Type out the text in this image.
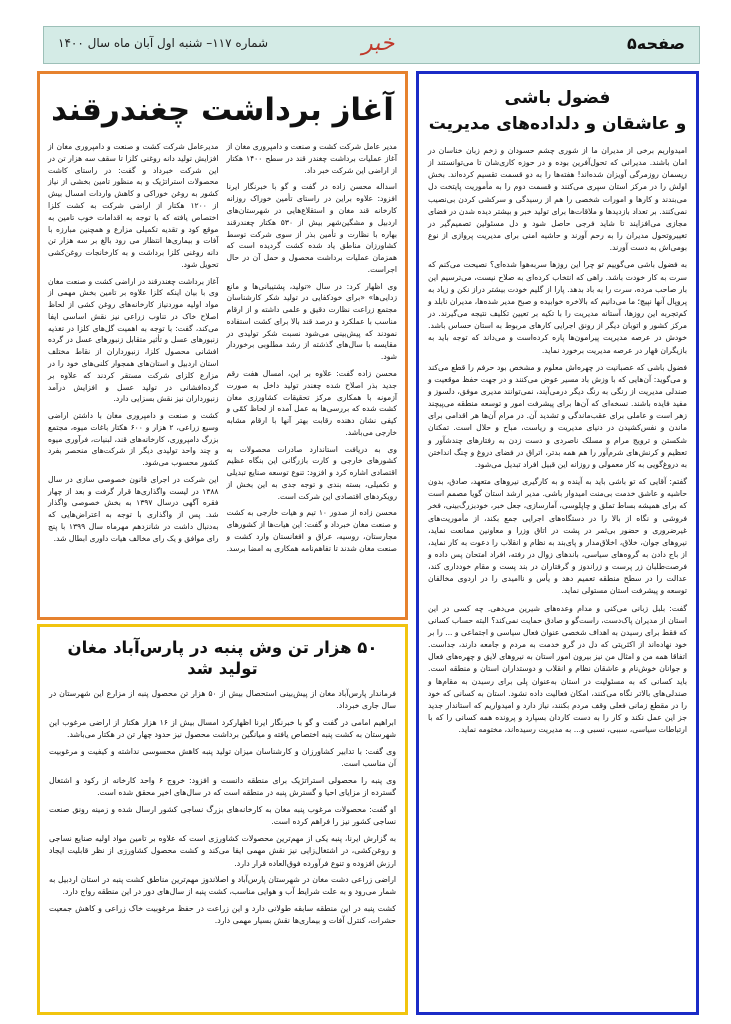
شماره ۱۱۷– شنبه اول آبان ماه سال ۱۴۰۰	خبر	صفحه۵
آغاز برداشت چغندرقند

مدیر عامل شرکت کشت و صنعت و دامپروری مغان از آغاز عملیات برداشت چغندر قند در سطح ۱۴۰۰ هکتار از اراضی این شرکت خبر داد.

اسداله محسن زاده در گفت و گو با خبرنگار ایرنا افزود: علاوه براین در راستای تأمین خوراک روزانه کارخانه قند مغان و استقلاع‌هایی در شهرستان‌های اردبیل و مشگین‌شهر بیش از ۵۳۰ هکتار چغندرقند بهاره با نظارت و تأمین بذر از سوی شرکت توسط کشاورزان مناطق یاد شده کشت گردیده است که همزمان عملیات برداشت محصول و حمل آن در حال اجراست.

وی اظهار کرد: در سال «تولید، پشتیبانی‌ها و مانع زدایی‌ها» «برای خودکفایی در تولید شکر کارشناسان مجتمع زراعت نظارت دقیق و علمی داشته و از ارقام مناسب با عملکرد و درصد قند بالا برای کشت استفاده نمودند که پیش‌بینی می‌شود نسبت شکر تولیدی در مقایسه با سال‌های گذشته از رشد مطلوبی برخوردار شود.

محسن زاده گفت: علاوه بر این، امسال هفت رقم جدید بذر اصلاح شده چغندر تولید داخل به صورت آزمونه با همکاری مرکز تحقیقات کشاورزی مغان کشت شده که بررسی‌ها به عمل آمده از لحاظ کمّی و کیفی نشان دهنده رقابت بهتر آنها با ارقام مشابه خارجی می‌باشد.

وی به دریافت استاندارد صادرات محصولات به کشورهای خارجی و کارت بازرگانی این بنگاه عظیم اقتصادی اشاره کرد و افزود: تنوع توسعه صنایع تبدیلی و تکمیلی، بسته بندی و توجه جدی به این بخش از رویکردهای اقتصادی این شرکت است.

محسن زاده از صدور ۱۰ تیم و هیات خارجی به کشت و صنعت مغان خبرداد و گفت: این هیات‌ها از کشورهای مجارستان، روسیه، عراق و افغانستان وارد کشت و صنعت مغان شدند تا تفاهم‌نامه همکاری به امضا برسد.

مدیرعامل شرکت کشت و صنعت و دامپروری مغان از افزایش تولید دانه روغنی کلزا تا سقف سه هزار تن در این شرکت خبرداد و گفت: در راستای کاشت محصولات استراتژیک و به منظور تامین بخشی از نیاز کشور به روغن خوراکی و کاهش واردات امسال بیش از ۱۲۰۰ هکتار از اراضی شرکت به کشت کلزا اختصاص یافته که با توجه به اقدامات خوب تامین به موقع کود و تقدیه تکمیلی مزارع و همچنین مبارزه با آفات و بیماری‌ها انتظار می رود بالغ بر سه هزار تن دانه روغنی کلزا برداشت و به کارخانجات روغن‌کشی تحویل شود.

آغاز برداشت چغندرقند در اراضی کشت و صنعت مغان وی با بیان اینکه کلزا علاوه بر تامین بخش مهمی از مواد اولیه موردنیاز کارخانه‌های روغن کشی از لحاظ اصلاح خاک در تناوب زراعی نیز نقش اساسی ایفا می‌کند، گفت: با توجه به اهمیت گل‌های کلزا در تغذیه زنبورهای عسل و تأثیر متقابل زنبورهای عسل در گرده افشانی محصول کلزا، زنبورداران از نقاط مختلف استان اردبیل و استان‌های همجوار کلنی‌های خود را در مزارع کلزای شرکت مستقر کردند که علاوه بر گرده‌افشانی در تولید عسل و افزایش درآمد زنبورداران نیز نقش بسزایی دارد.

کشت و صنعت و دامپروری مغان با داشتن اراضی وسیع زراعی، ۲ هزار و ۶۰۰ هکتار باغات میوه، مجتمع بزرگ دامپروری، کارخانه‌های قند، لبنیات، فرآوری میوه و چند واحد تولیدی دیگر از شرکت‌های منحصر بفرد کشور محسوب می‌شود.

این شرکت در اجرای قانون خصوصی سازی در سال ۱۳۸۸ در لیست واگذاری‌ها قرار گرفت و بعد از چهار فقره آگهی درسال ۱۳۹۷ به بخش خصوصی واگذار شد. پس از واگذاری با توجه به اعتراض‌هایی که به‌دنبال داشت در شانزدهم مهرماه سال ۱۳۹۹ با پنج رای موافق و یک رای مخالف هیات داوری ابطال شد.

۵۰ هزار تن وش پنبه در پارس‌آباد مغان تولید شد

فرماندار پارس‌آباد مغان از پیش‌بینی استحصال بیش از ۵۰ هزار تن محصول پنبه از مزارع این شهرستان در سال جاری خبرداد.

ابراهیم امامی در گفت و گو با خبرنگار ایرنا اظهارکرد امسال بیش از ۱۶ هزار هکتار از اراضی مرغوب این شهرستان به کشت پنبه اختصاص یافته و میانگین برداشت محصول نیز حدود چهار تن در هکتار می‌باشد.

وی گفت: با تدابیر کشاورزان و کارشناسان میزان تولید پنبه کاهش محسوسی نداشته و کیفیت و مرغوبیت آن مناسب است.

وی پنبه را محصولی استراتژیک برای منطقه دانست و افزود: خروج ۶ واحد کارخانه از رکود و اشتغال گسترده از مزایای احیا و گسترش پنبه در منطقه است که در سال‌های اخیر محقق شده است.

او گفت: محصولات مرغوب پنبه مغان به کارخانه‌های بزرگ نساجی کشور ارسال شده و زمینه رونق صنعت نساجی کشور نیز را فراهم کرده است.

به گزارش ایرنا، پنبه یکی از مهم‌ترین محصولات کشاورزی است که علاوه بر تامین مواد اولیه صنایع نساجی و روغن‌کشی، در اشتغال‌زایی نیز نقش مهمی ایفا می‌کند و کشت محصول کشاورزی از نظر قابلیت ایجاد ارزش افزوده و تنوع فرآورده فوق‌العاده قرار دارد.

اراضی زراعی دشت مغان در شهرستان پارس‌آباد و اصلاندوز مهم‌ترین مناطق کشت پنبه در استان اردبیل به شمار می‌رود و به علت شرایط آب و هوایی مناسب، کشت پنبه از سال‌های دور در این منطقه رواج دارد.

کشت پنبه در این منطقه سابقه طولانی دارد و این زراعت در حفظ مرغوبیت خاک زراعی و کاهش جمعیت حشرات، کنترل آفات و بیماری‌ها نقش بسیار مهمی دارد.

فضول باشی
و عاشقان و دلداده‌های مدیریت

امیدواریم برخی از مدیران ما از شوری چشم حسودان و زخم زبان خناسان در امان باشند. مدیرانی که تحول‌آفرین بوده و در حوزه کاری‌شان تا می‌توانستند از ریسمان روزمرگی آویزان شده‌اند! هفته‌ها را به دو قسمت تقسیم کرده‌اند. بخش اولش را در مرکز استان سپری می‌کنند و قسمت دوم را به مأموریت پایتخت دل می‌بندند و کارها و امورات شخصی را هم از رسیدگی و سرکشی کردن بی‌نصیب نمی‌کنند. بر تعداد بازدیدها و ملاقات‌ها برای تولید خبر و بیشتر دیده شدن در فضای مجازی می‌افزایند تا شاید فرجی حاصل شود و دل مسئولین تصمیم‌گیر در تغییروتحول مدیران را به رحم آورند و حاشیه امنی برای مدیریت پروازی از نوع بومی‌اش به دست آورند.

به فضول باشی می‌گوییم تو چرا این روزها سربه‌هوا شده‌ای؟ نصیحت می‌کنم که سرت به کار خودت باشد. راهی که انتخاب کرده‌ای به صلاح نیست، می‌ترسیم این بار صاحب مرده، سرت را به باد بدهد. پارا از گلیم خودت بیشتر دراز نکن و زیاد به پروپال آنها نپیچ؛ ما می‌دانیم که بالاخره خوابیده و صبح مدیر شده‌ها، مدیران نابلد و کم‌تجربه این روزها، آستانه مدیریت را با تکیه بر تعیین تکلیف نتیجه می‌گیرند. در مرکز کشور و اتوبان دیگر از رونق اجرایی کارهای مربوط به استان حساس باشد. خودش در عرصه مدیریت پیرامون‌ها پاره کرده‌است و می‌داند که توجه باید به بازیگران قهار در عرصه مدیریت برخورد نماید.

فضول باشی که عصبانیت در چهره‌اش معلوم و مشخص بود حرفم را قطع می‌کند و می‌گوید: آن‌هایی که با وزش باد مسیر عوض می‌کنند و در جهت حفظ موقعیت و صندلی مدیریت از رنگی به رنگ دیگر درمی‌آیند، نمی‌توانند مدیری موفق، دلسوز و مفید فایده باشند. نسخه‌ای که آن‌ها برای پیشرفت امور و توسعه منطقه می‌پیچند زهر است و عاملی برای عقب‌ماندگی و تشدید آن. در مرام آن‌ها هر اقدامی برای ماندن و نفس‌کشیدن در دنیای مدیریت و ریاست، مباح و حلال است. تمکنان شکستن و ترویج مرام و مسلک ناصردی و دست زدن به رفتارهای چندشآور و تعظیم و کرنش‌های شرم‌آور را هم همه بدتر، اتراق در فضای دروغ و چنگ انداختن به دروغ‌گویی به کار معمولی و روزانه این قبیل افراد تبدیل می‌شود.

گفتم: آقایی که تو باشی باید به آینده و به کارگیری نیروهای متعهد، صادق، بدون حاشیه و عاشق خدمت بی‌منت امیدوار باشی. مدیر ارشد استان گویا مصمم است که برای همیشه بساط تملق و چاپلوسی، آمارسازی، جعل خبر، خودبزرگ‌بینی، فخر فروشی و نگاه از بالا را در دستگاه‌های اجرایی جمع بکند، از مأموریت‌های غیرضروری و حضور بی‌ثمر در پشت در اتاق وزرا و معاونین ممانعت نماید، نیروهای جوان، خلاق، اخلاق‌مدار و پای‌بند به نظام و انقلاب را دعوت به کار نماید، از باج دادن به گروه‌های سیاسی، باندهای زوال در رفته، افراد امتحان پس داده و فرصت‌طلبان زر پرست و زراندوز و گرفتاران در بند پست و مقام خودداری کند، عدالت را در سطح منطقه تعمیم دهد و یأس و ناامیدی را در اردوی مخالفان توسعه و پیشرفت استان مستولی نماید.

گفت: بلبل زبانی می‌کنی و مدام وعده‌های شیرین می‌دهی. چه کسی در این استان از مدیران پاک‌دست، راست‌گو و صادق حمایت نمی‌کند؟ البته حساب کسانی که فقط برای رسیدن به اهداف شخصی عنوان فعال سیاسی و اجتماعی و ... را بر خود نهاده‌اند از اکثریتی که دل در گرو خدمت به مردم و جامعه دارند، جداست. اتفاقا همه من و امثال من نیز بیرون امور استان به نیروهای لایق و چهره‌های فعال و جوانان خوش‌نام و عاشقان نظام و انقلاب و دوستداران استان و منطقه است. باید کسانی که به مسئولیت در استان به‌عنوان پلی برای رسیدن به مقام‌ها و صندلی‌های بالاتر نگاه می‌کنند، امکان فعالیت داده نشود. استان به کسانی که خود را در مقطع زمانی فعلی وقف مردم بکنند، نیاز دارد و امیدواریم که استاندار جدید جز این عمل نکند و کار را به دست کاردان بسپارد و پرونده همه کسانی را که با ارتباطات سیاسی، سببی، نسبی و... به مدیریت رسیده‌اند، مختومه نماید.
